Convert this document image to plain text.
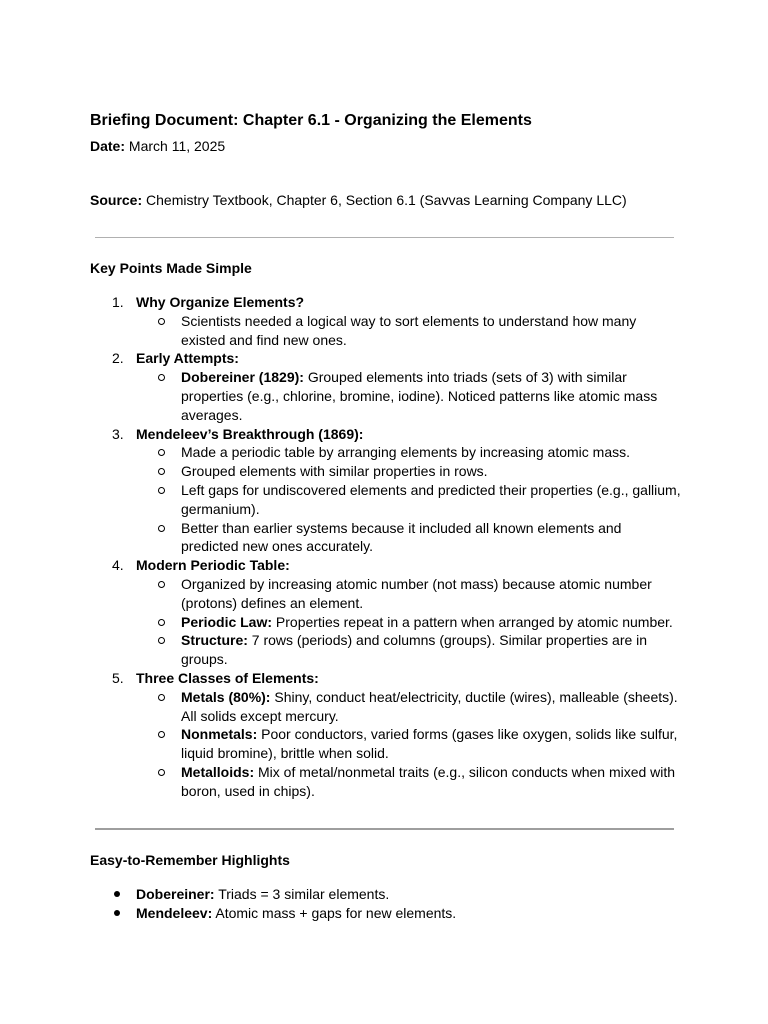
Briefing Document: Chapter 6.1 - Organizing the Elements

Date: March 11, 2025

Source: Chemistry Textbook, Chapter 6, Section 6.1 (Savvas Learning Company LLC)

Key Points Made Simple
1. Why Organize Elements?
Scientists needed a logical way to sort elements to understand how many existed and find new ones.
2. Early Attempts:
Dobereiner (1829): Grouped elements into triads (sets of 3) with similar properties (e.g., chlorine, bromine, iodine). Noticed patterns like atomic mass averages.
3. Mendeleev’s Breakthrough (1869):
Made a periodic table by arranging elements by increasing atomic mass.
Grouped elements with similar properties in rows.
Left gaps for undiscovered elements and predicted their properties (e.g., gallium, germanium).
Better than earlier systems because it included all known elements and predicted new ones accurately.
4. Modern Periodic Table:
Organized by increasing atomic number (not mass) because atomic number (protons) defines an element.
Periodic Law: Properties repeat in a pattern when arranged by atomic number.
Structure: 7 rows (periods) and columns (groups). Similar properties are in groups.
5. Three Classes of Elements:
Metals (80%): Shiny, conduct heat/electricity, ductile (wires), malleable (sheets). All solids except mercury.
Nonmetals: Poor conductors, varied forms (gases like oxygen, solids like sulfur, liquid bromine), brittle when solid.
Metalloids: Mix of metal/nonmetal traits (e.g., silicon conducts when mixed with boron, used in chips).
Easy-to-Remember Highlights
Dobereiner: Triads = 3 similar elements.
Mendeleev: Atomic mass + gaps for new elements.
